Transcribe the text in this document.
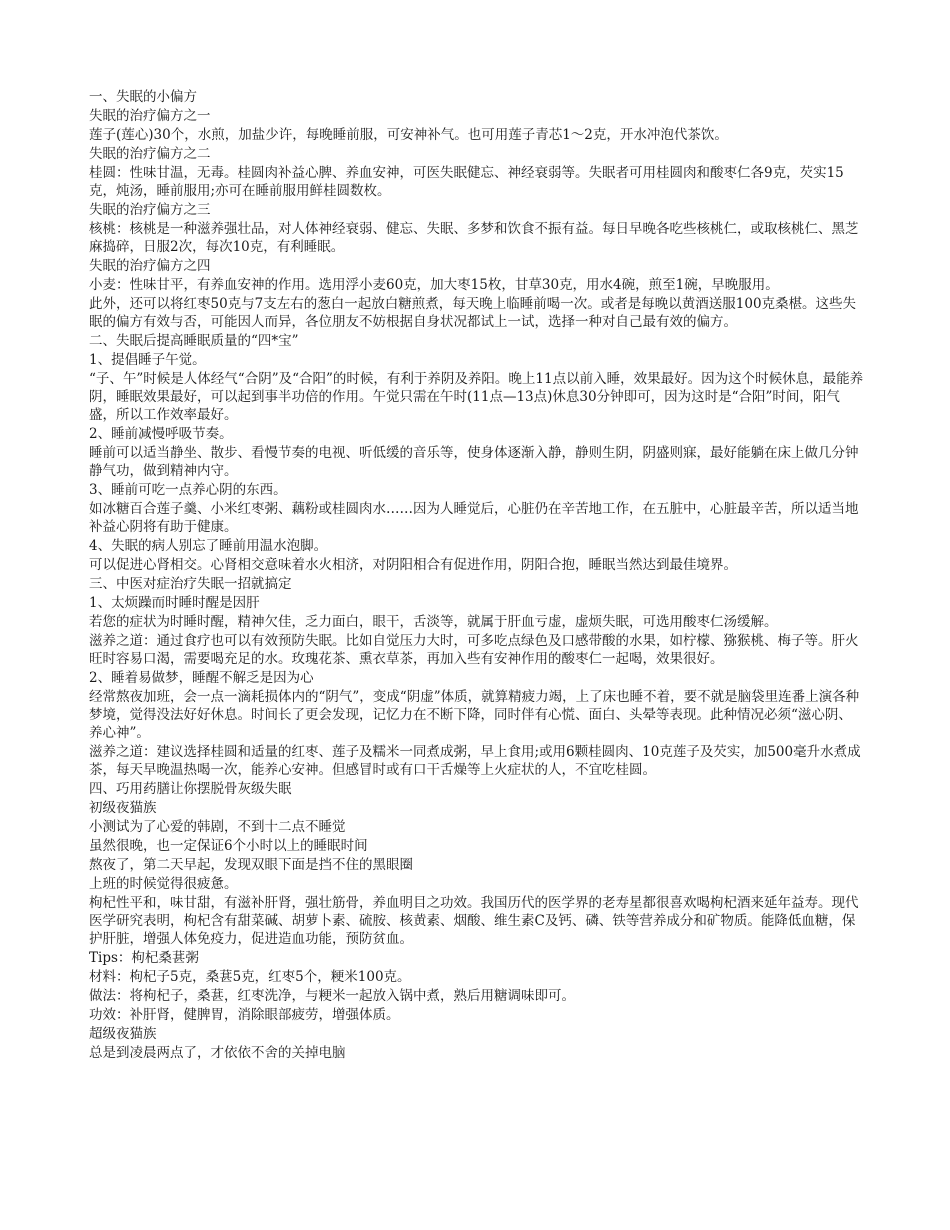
一、失眠的小偏方

失眠的治疗偏方之一

莲子(莲心)30个，水煎，加盐少许，每晚睡前服，可安神补气。也可用莲子青芯1～2克，开水冲泡代茶饮。

失眠的治疗偏方之二

桂圆：性味甘温，无毒。桂圆肉补益心脾、养血安神，可医失眠健忘、神经衰弱等。失眠者可用桂圆肉和酸枣仁各9克，芡实15克，炖汤，睡前服用;亦可在睡前服用鲜桂圆数枚。

失眠的治疗偏方之三

核桃：核桃是一种滋养强壮品，对人体神经衰弱、健忘、失眠、多梦和饮食不振有益。每日早晚各吃些核桃仁，或取核桃仁、黑芝麻捣碎，日服2次，每次10克，有利睡眠。

失眠的治疗偏方之四

小麦：性味甘平，有养血安神的作用。选用浮小麦60克，加大枣15枚，甘草30克，用水4碗，煎至1碗，早晚服用。

此外，还可以将红枣50克与7支左右的葱白一起放白糖煎煮，每天晚上临睡前喝一次。或者是每晚以黄酒送服100克桑椹。这些失眠的偏方有效与否，可能因人而异，各位朋友不妨根据自身状况都试上一试，选择一种对自己最有效的偏方。

二、失眠后提高睡眠质量的“四*宝”

1、提倡睡子午觉。

“子、午”时候是人体经气“合阴”及“合阳”的时候，有利于养阴及养阳。晚上11点以前入睡，效果最好。因为这个时候休息，最能养阴，睡眠效果最好，可以起到事半功倍的作用。午觉只需在午时(11点—13点)休息30分钟即可，因为这时是“合阳”时间，阳气盛，所以工作效率最好。

2、睡前减慢呼吸节奏。

睡前可以适当静坐、散步、看慢节奏的电视、听低缓的音乐等，使身体逐渐入静，静则生阴，阴盛则寐，最好能躺在床上做几分钟静气功，做到精神内守。

3、睡前可吃一点养心阴的东西。

如冰糖百合莲子羹、小米红枣粥、藕粉或桂圆肉水……因为人睡觉后，心脏仍在辛苦地工作，在五脏中，心脏最辛苦，所以适当地补益心阴将有助于健康。

4、失眠的病人别忘了睡前用温水泡脚。

可以促进心肾相交。心肾相交意味着水火相济，对阴阳相合有促进作用，阴阳合抱，睡眠当然达到最佳境界。

三、中医对症治疗失眠一招就搞定

1、太烦躁而时睡时醒是因肝

若您的症状为时睡时醒，精神欠佳，乏力面白，眼干，舌淡等，就属于肝血亏虚，虚烦失眠，可选用酸枣仁汤缓解。

滋养之道：通过食疗也可以有效预防失眠。比如自觉压力大时，可多吃点绿色及口感带酸的水果，如柠檬、猕猴桃、梅子等。肝火旺时容易口渴，需要喝充足的水。玫瑰花茶、熏衣草茶，再加入些有安神作用的酸枣仁一起喝，效果很好。

2、睡着易做梦，睡醒不解乏是因为心

经常熬夜加班，会一点一滴耗损体内的“阴气”，变成“阴虚”体质，就算精疲力竭，上了床也睡不着，要不就是脑袋里连番上演各种梦境，觉得没法好好休息。时间长了更会发现，记忆力在不断下降，同时伴有心慌、面白、头晕等表现。此种情况必须“滋心阴、养心神”。

滋养之道：建议选择桂圆和适量的红枣、莲子及糯米一同煮成粥，早上食用;或用6颗桂圆肉、10克莲子及芡实，加500毫升水煮成茶，每天早晚温热喝一次，能养心安神。但感冒时或有口干舌燥等上火症状的人，不宜吃桂圆。

四、巧用药膳让你摆脱骨灰级失眠

初级夜猫族

小测试为了心爱的韩剧，不到十二点不睡觉

虽然很晚，也一定保证6个小时以上的睡眠时间

熬夜了，第二天早起，发现双眼下面是挡不住的黑眼圈

上班的时候觉得很疲惫。

枸杞性平和，味甘甜，有滋补肝肾，强壮筋骨，养血明目之功效。我国历代的医学界的老寿星都很喜欢喝枸杞酒来延年益寿。现代医学研究表明，枸杞含有甜菜碱、胡萝卜素、硫胺、核黄素、烟酸、维生素C及钙、磷、铁等营养成分和矿物质。能降低血糖，保护肝脏，增强人体免疫力，促进造血功能，预防贫血。

Tips：枸杞桑葚粥

材料：枸杞子5克，桑葚5克，红枣5个，粳米100克。

做法：将枸杞子，桑葚，红枣洗净，与粳米一起放入锅中煮，熟后用糖调味即可。

功效：补肝肾，健脾胃，消除眼部疲劳，增强体质。

超级夜猫族

总是到凌晨两点了，才依依不舍的关掉电脑
